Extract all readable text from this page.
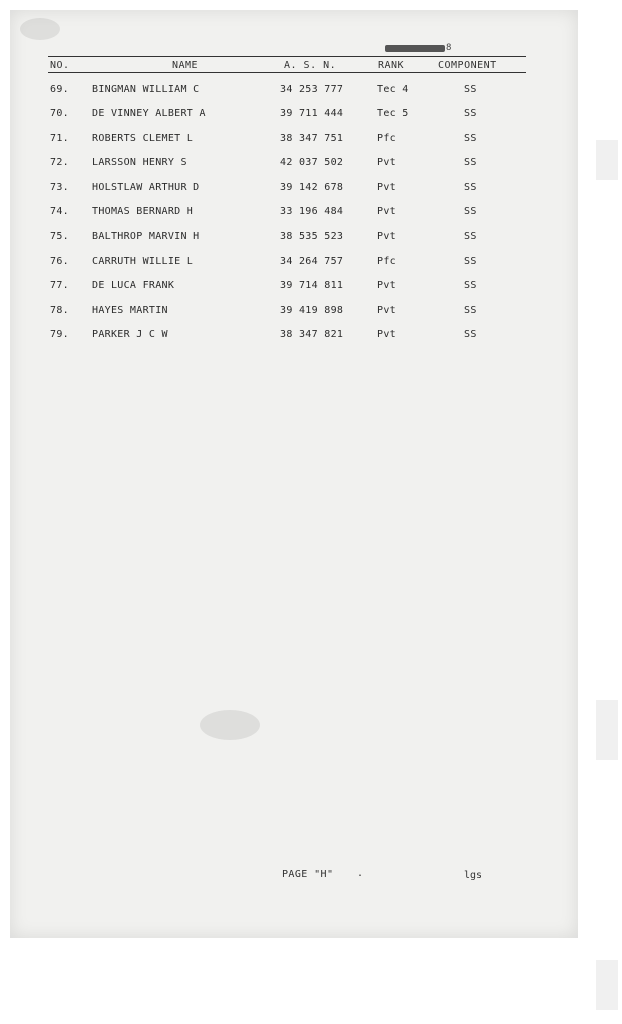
8
NO.	NAME	A. S. N.	RANK	COMPONENT
69. BINGMAN WILLIAM C	34 253 777	Tec 4	SS
70. DE VINNEY ALBERT A	39 711 444	Tec 5	SS
71. ROBERTS CLEMET L	38 347 751	Pfc	SS
72. LARSSON HENRY S	42 037 502	Pvt	SS
73. HOLSTLAW ARTHUR D	39 142 678	Pvt	SS
74. THOMAS BERNARD H	33 196 484	Pvt	SS
75. BALTHROP MARVIN H	38 535 523	Pvt	SS
76. CARRUTH WILLIE L	34 264 757	Pfc	SS
77. DE LUCA FRANK	39 714 811	Pvt	SS
78. HAYES MARTIN	39 419 898	Pvt	SS
79. PARKER J C W	38 347 821	Pvt	SS
PAGE "H" .	lgs
